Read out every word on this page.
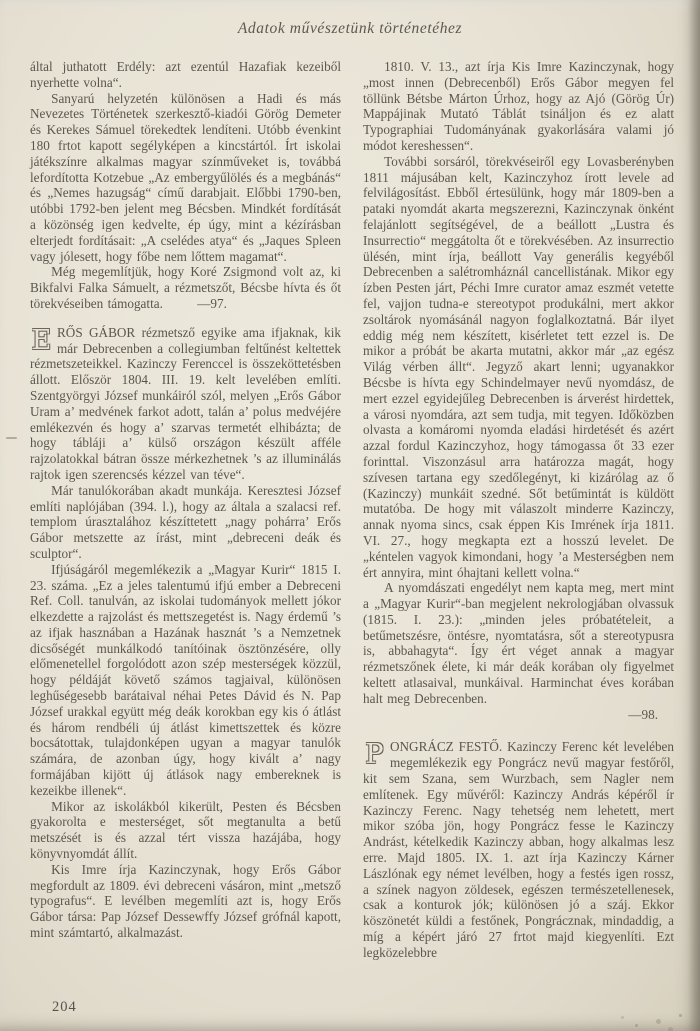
Adatok művészetünk történetéhez

által juthatott Erdély: azt ezentúl Hazafiak kezeiből nyerhette volna“.

Sanyarú helyzetén különösen a Hadi és más Nevezetes Történetek szerkesztő-kiadói Görög Demeter és Kerekes Sámuel törekedtek lendíteni. Utóbb évenkint 180 frtot kapott segélyképen a kincstártól. Írt iskolai játékszínre alkalmas magyar színműveket is, továbbá lefordította Kotzebue „Az embergyűlölés és a megbánás“ és „Nemes hazugság“ című darabjait. Előbbi 1790-ben, utóbbi 1792-ben jelent meg Bécsben. Mindkét fordítását a közönség igen kedvelte, ép úgy, mint a kézírásban elterjedt fordításait: „A cselédes atya“ és „Jaques Spleen vagy jólesett, hogy főbe nem lőttem magamat“.

Még megemlítjük, hogy Koré Zsigmond volt az, ki Bikfalvi Falka Sámuelt, a rézmetszőt, Bécsbe hívta és őt törekvéseiben támogatta.	—97.

ERŐS GÁBOR rézmetsző egyike ama ifjaknak, kik már Debrecenben a collegiumban feltűnést keltettek rézmetszeteikkel. Kazinczy Ferenccel is összeköttetésben állott. Először 1804. III. 19. kelt levelében említi. Szentgyörgyi József munkáiról szól, melyen „Erős Gábor Uram a’ medvének farkot adott, talán a’ polus medvéjére emlékezvén és hogy a’ szarvas termetét elhibázta; de hogy tábláji a’ külső országon készült afféle rajzolatokkal bátran össze mérkezhetnek ’s az illuminálás rajtok igen szerencsés kézzel van téve“.

Már tanulókorában akadt munkája. Keresztesi József említi naplójában (394. l.), hogy az általa a szalacsi ref. templom úrasztalához készíttetett „nagy pohárra’ Erős Gábor metszette az írást, mint „debreceni deák és sculptor“.

Ifjúságáról megemlékezik a „Magyar Kurir“ 1815 I. 23. száma. „Ez a jeles talentumú ifjú ember a Debreceni Ref. Coll. tanulván, az iskolai tudományok mellett jókor elkezdette a rajzolást és mettszegetést is. Nagy érdemű ’s az ifjak hasznában a Hazának hasznát ’s a Nemzetnek dicsőségét munkálkodó tanítóinak ösztönzésére, olly előmenetellel forgolódott azon szép mesterségek közzül, hogy példáját követő számos tagjaival, különösen leghűségesebb barátaival néhai Petes Dávid és N. Pap József urakkal együtt még deák korokban egy kis ó átlást és három rendbéli új átlást kimettszettek és közre bocsátottak, tulajdonképen ugyan a magyar tanulók számára, de azonban úgy, hogy kivált a’ nagy formájában kijött új átlások nagy embereknek is kezeikbe illenek“.

Mikor az iskolákból kikerült, Pesten és Bécsben gyakorolta e mesterséget, sőt megtanulta a betű metszését is és azzal tért vissza hazájába, hogy könyvnyomdát állít.

Kis Imre írja Kazinczynak, hogy Erős Gábor megfordult az 1809. évi debreceni vásáron, mint „metsző typografus“. E levélben megemlíti azt is, hogy Erős Gábor társa: Pap József Dessewffy József grófnál kapott, mint számtartó, alkalmazást.

1810. V. 13., azt írja Kis Imre Kazinczynak, hogy „most innen (Debrecenből) Erős Gábor megyen fel töllünk Bétsbe Márton Úrhoz, hogy az Ajó (Görög Úr) Mappájinak Mutató Táblát tsináljon és ez alatt Typographiai Tudományának gyakorlására valami jó módot kereshessen“.

További sorsáról, törekvéseiről egy Lovasberényben 1811 májusában kelt, Kazinczyhoz írott levele ad felvilágosítást. Ebből értesülünk, hogy már 1809-ben a pataki nyomdát akarta megszerezni, Kazinczynak önként felajánlott segítségével, de a beállott „Lustra és Insurrectio“ meggátolta őt e törekvésében. Az insurrectio ülésén, mint írja, beállott Vay generális kegyéből Debrecenben a salétromháznál cancellistának. Mikor egy ízben Pesten járt, Péchi Imre curator amaz eszmét vetette fel, vajjon tudna-e stereotypot produkálni, mert akkor zsoltárok nyomásánál nagyon foglalkoztatná. Bár ilyet eddig még nem készített, kisérletet tett ezzel is. De mikor a próbát be akarta mutatni, akkor már „az egész Világ vérben állt“. Jegyző akart lenni; ugyanakkor Bécsbe is hívta egy Schindelmayer nevű nyomdász, de mert ezzel egyidejűleg Debrecenben is árverést hirdettek, a városi nyomdára, azt sem tudja, mit tegyen. Időközben olvasta a komáromi nyomda eladási hirdetését és azért azzal fordul Kazinczyhoz, hogy támogassa őt 33 ezer forinttal. Viszonzásul arra határozza magát, hogy szívesen tartana egy szedőlegényt, ki kizárólag az ő (Kazinczy) munkáit szedné. Sőt betűmintát is küldött mutatóba. De hogy mit válaszolt minderre Kazinczy, annak nyoma sincs, csak éppen Kis Imrének írja 1811. VI. 27., hogy megkapta ezt a hosszú levelet. De „kéntelen vagyok kimondani, hogy ’a Mesterségben nem ért annyira, mint óhajtani kellett volna.“

A nyomdászati engedélyt nem kapta meg, mert mint a „Magyar Kurir“-ban megjelent nekrologjában olvassuk (1815. I. 23.): „minden jeles próbatételeit, a betűmetszésre, öntésre, nyomtatásra, sőt a stereotypusra is, abbahagyta“. Így ért véget annak a magyar rézmetszőnek élete, ki már deák korában oly figyelmet keltett atlasaival, munkáival. Harminchat éves korában halt meg Debrecenben.
—98.

PONGRÁCZ FESTŐ. Kazinczy Ferenc két levelében megemlékezik egy Pongrácz nevű magyar festőről, kit sem Szana, sem Wurzbach, sem Nagler nem említenek. Egy művéről: Kazinczy András képéről ír Kazinczy Ferenc. Nagy tehetség nem lehetett, mert mikor szóba jön, hogy Pongrácz fesse le Kazinczy Andrást, kételkedik Kazinczy abban, hogy alkalmas lesz erre. Majd 1805. IX. 1. azt írja Kazinczy Kárner Lászlónak egy német levélben, hogy a festés igen rossz, a színek nagyon zöldesek, egészen természetellenesek, csak a konturok jók; különösen jó a száj. Ekkor köszönetét küldi a festőnek, Pongrácznak, mindaddig, a míg a képért járó 27 frtot majd kiegyenlíti. Ezt legközelebbre

204
